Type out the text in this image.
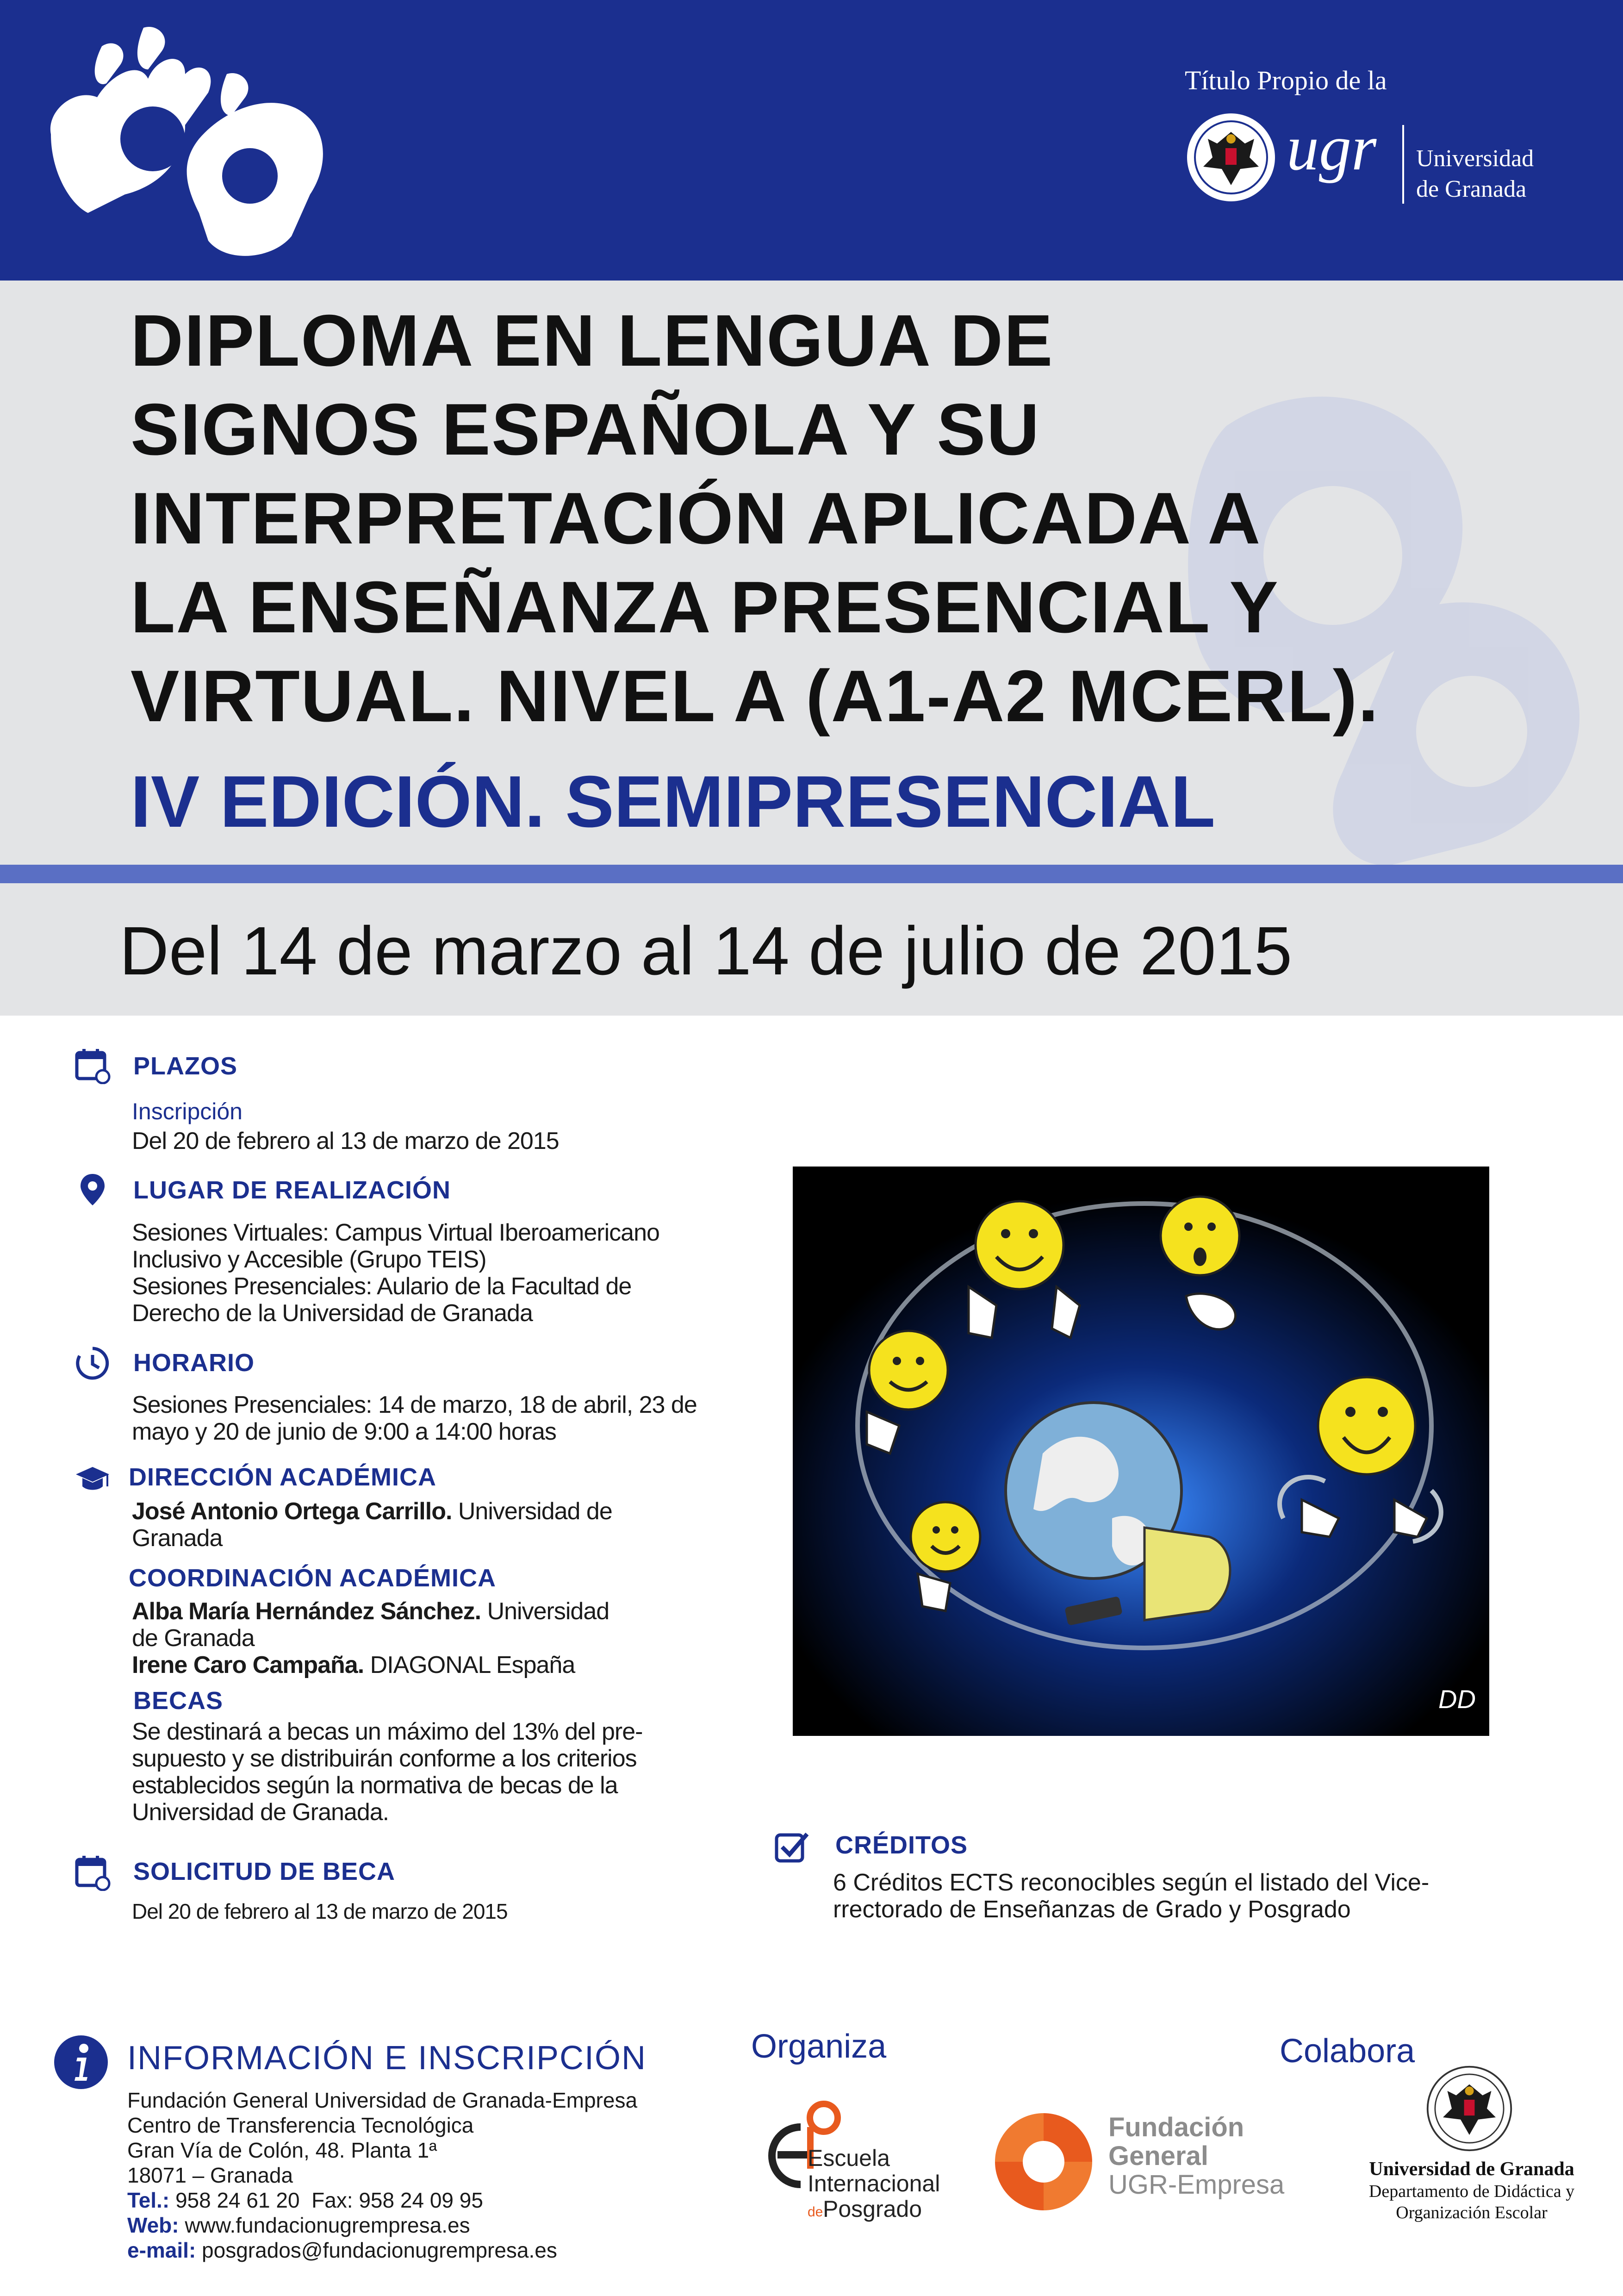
Título Propio de la
ugr Universidad
de Granada
DIPLOMA EN LENGUA DE
SIGNOS ESPAÑOLA Y SU
INTERPRETACIÓN APLICADA A
LA ENSEÑANZA PRESENCIAL Y
VIRTUAL. NIVEL A (A1-A2 MCERL).
IV EDICIÓN. SEMIPRESENCIAL
Del 14 de marzo al 14 de julio de 2015
PLAZOS
Inscripción
Del 20 de febrero al 13 de marzo de 2015
LUGAR DE REALIZACIÓN
Sesiones Virtuales: Campus Virtual Iberoamericano
Inclusivo y Accesible (Grupo TEIS)
Sesiones Presenciales: Aulario de la Facultad de
Derecho de la Universidad de Granada
HORARIO
Sesiones Presenciales: 14 de marzo, 18 de abril, 23 de
mayo y 20 de junio de 9:00 a 14:00 horas
DIRECCIÓN ACADÉMICA
José Antonio Ortega Carrillo. Universidad de
Granada
COORDINACIÓN ACADÉMICA
Alba María Hernández Sánchez. Universidad
de Granada
Irene Caro Campaña. DIAGONAL España
BECAS
Se destinará a becas un máximo del 13% del pre-
supuesto y se distribuirán conforme a los criterios
establecidos según la normativa de becas de la
Universidad de Granada.
SOLICITUD DE BECA
Del 20 de febrero al 13 de marzo de 2015
DD
CRÉDITOS
6 Créditos ECTS reconocibles según el listado del Vice-
rrectorado de Enseñanzas de Grado y Posgrado
INFORMACIÓN E INSCRIPCIÓN
Fundación General Universidad de Granada-Empresa
Centro de Transferencia Tecnológica
Gran Vía de Colón, 48. Planta 1ª
18071 – Granada
Tel.: 958 24 61 20 Fax: 958 24 09 95
Web: www.fundacionugrempresa.es
e-mail: posgrados@fundacionugrempresa.es
Organiza
Escuela
Internacional
de Posgrado
Fundación
General
UGR-Empresa
Colabora
Universidad de Granada
Departamento de Didáctica y
Organización Escolar
